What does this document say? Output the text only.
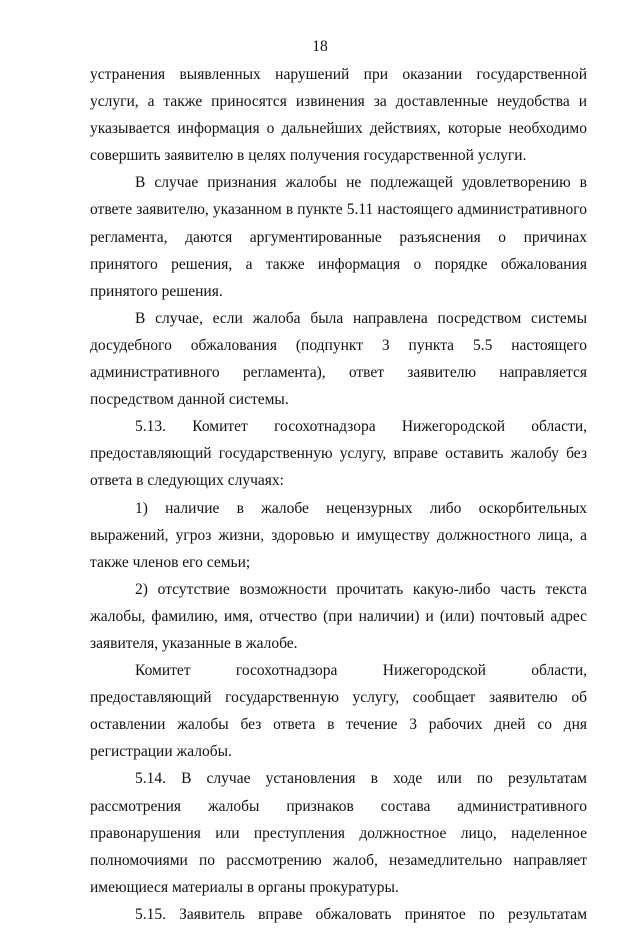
18

устранения выявленных нарушений при оказании государственной услуги, а также приносятся извинения за доставленные неудобства и указывается информация о дальнейших действиях, которые необходимо совершить заявителю в целях получения государственной услуги.

В случае признания жалобы не подлежащей удовлетворению в ответе заявителю, указанном в пункте 5.11 настоящего административного регламента, даются аргументированные разъяснения о причинах принятого решения, а также информация о порядке обжалования принятого решения.

В случае, если жалоба была направлена посредством системы досудебного обжалования (подпункт 3 пункта 5.5 настоящего административного регламента), ответ заявителю направляется посредством данной системы.

5.13. Комитет госохотнадзора Нижегородской области, предоставляющий государственную услугу, вправе оставить жалобу без ответа в следующих случаях:

1) наличие в жалобе нецензурных либо оскорбительных выражений, угроз жизни, здоровью и имуществу должностного лица, а также членов его семьи;

2) отсутствие возможности прочитать какую-либо часть текста жалобы, фамилию, имя, отчество (при наличии) и (или) почтовый адрес заявителя, указанные в жалобе.

Комитет госохотнадзора Нижегородской области, предоставляющий государственную услугу, сообщает заявителю об оставлении жалобы без ответа в течение 3 рабочих дней со дня регистрации жалобы.

5.14. В случае установления в ходе или по результатам рассмотрения жалобы признаков состава административного правонарушения или преступления должностное лицо, наделенное полномочиями по рассмотрению жалоб, незамедлительно направляет имеющиеся материалы в органы прокуратуры.

5.15. Заявитель вправе обжаловать принятое по результатам
